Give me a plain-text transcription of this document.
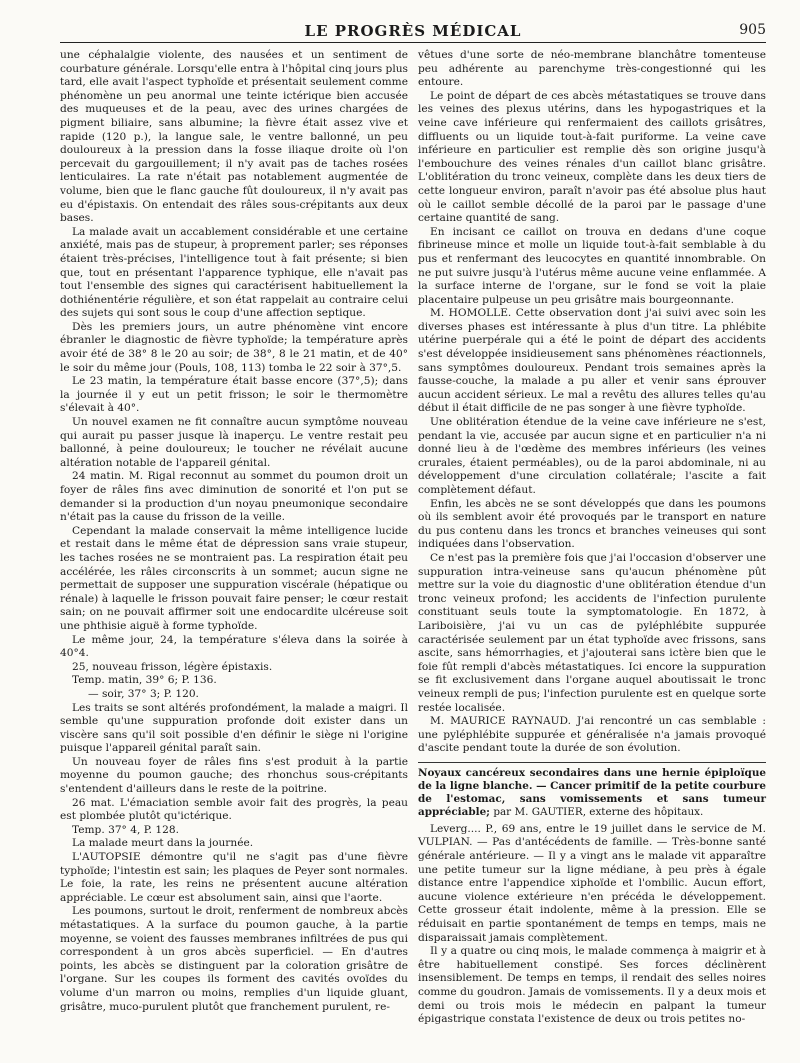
LE PROGRÈS MÉDICAL	905

une céphalalgie violente, des nausées et un sentiment de courbature générale. Lorsqu'elle entra à l'hôpital cinq jours plus tard, elle avait l'aspect typhoïde et présentait seulement comme phénomène un peu anormal une teinte ictérique bien accusée des muqueuses et de la peau, avec des urines chargées de pigment biliaire, sans albumine; la fièvre était assez vive et rapide (120 p.), la langue sale, le ventre ballonné, un peu douloureux à la pression dans la fosse iliaque droite où l'on percevait du gargouillement; il n'y avait pas de taches rosées lenticulaires. La rate n'était pas notablement augmentée de volume, bien que le flanc gauche fût douloureux, il n'y avait pas eu d'épistaxis. On entendait des râles sous-crépitants aux deux bases.

La malade avait un accablement considérable et une certaine anxiété, mais pas de stupeur, à proprement parler; ses réponses étaient très-précises, l'intelligence tout à fait présente; si bien que, tout en présentant l'apparence typhique, elle n'avait pas tout l'ensemble des signes qui caractérisent habituellement la dothiénentérie régulière, et son état rappelait au contraire celui des sujets qui sont sous le coup d'une affection septique.

Dès les premiers jours, un autre phénomène vint encore ébranler le diagnostic de fièvre typhoïde; la température après avoir été de 38° 8 le 20 au soir; de 38°, 8 le 21 matin, et de 40° le soir du même jour (Pouls, 108, 113) tomba le 22 soir à 37°,5.

Le 23 matin, la température était basse encore (37°,5); dans la journée il y eut un petit frisson; le soir le thermomètre s'élevait à 40°.

Un nouvel examen ne fit connaître aucun symptôme nouveau qui aurait pu passer jusque là inaperçu. Le ventre restait peu ballonné, à peine douloureux; le toucher ne révélait aucune altération notable de l'appareil génital.

24 matin. M. Rigal reconnut au sommet du poumon droit un foyer de râles fins avec diminution de sonorité et l'on put se demander si la production d'un noyau pneumonique secondaire n'était pas la cause du frisson de la veille.

Cependant la malade conservait la même intelligence lucide et restait dans le même état de dépression sans vraie stupeur, les taches rosées ne se montraient pas. La respiration était peu accélérée, les râles circonscrits à un sommet; aucun signe ne permettait de supposer une suppuration viscérale (hépatique ou rénale) à laquelle le frisson pouvait faire penser; le cœur restait sain; on ne pouvait affirmer soit une endocardite ulcéreuse soit une phthisie aiguë à forme typhoïde.

Le même jour, 24, la température s'éleva dans la soirée à 40°4.

25, nouveau frisson, légère épistaxis.

Temp. matin, 39° 6; P. 136.

— soir, 37° 3; P. 120.

Les traits se sont altérés profondément, la malade a maigri. Il semble qu'une suppuration profonde doit exister dans un viscère sans qu'il soit possible d'en définir le siège ni l'origine puisque l'appareil génital paraît sain.

Un nouveau foyer de râles fins s'est produit à la partie moyenne du poumon gauche; des rhonchus sous-crépitants s'entendent d'ailleurs dans le reste de la poitrine.

26 mat. L'émaciation semble avoir fait des progrès, la peau est plombée plutôt qu'ictérique.

Temp. 37° 4, P. 128.

La malade meurt dans la journée.

L'AUTOPSIE démontre qu'il ne s'agit pas d'une fièvre typhoïde; l'intestin est sain; les plaques de Peyer sont normales. Le foie, la rate, les reins ne présentent aucune altération appréciable. Le cœur est absolument sain, ainsi que l'aorte.

Les poumons, surtout le droit, renferment de nombreux abcès métastatiques. A la surface du poumon gauche, à la partie moyenne, se voient des fausses membranes infiltrées de pus qui correspondent à un gros abcès superficiel. — En d'autres points, les abcès se distinguent par la coloration grisâtre de l'organe. Sur les coupes ils forment des cavités ovoïdes du volume d'un marron ou moins, remplies d'un liquide gluant, grisâtre, muco-purulent plutôt que franchement purulent, re-

vêtues d'une sorte de néo-membrane blanchâtre tomenteuse peu adhérente au parenchyme très-congestionné qui les entoure.

Le point de départ de ces abcès métastatiques se trouve dans les veines des plexus utérins, dans les hypogastriques et la veine cave inférieure qui renfermaient des caillots grisâtres, diffluents ou un liquide tout-à-fait puriforme. La veine cave inférieure en particulier est remplie dès son origine jusqu'à l'embouchure des veines rénales d'un caillot blanc grisâtre. L'oblitération du tronc veineux, complète dans les deux tiers de cette longueur environ, paraît n'avoir pas été absolue plus haut où le caillot semble décollé de la paroi par le passage d'une certaine quantité de sang.

En incisant ce caillot on trouva en dedans d'une coque fibrineuse mince et molle un liquide tout-à-fait semblable à du pus et renfermant des leucocytes en quantité innombrable. On ne put suivre jusqu'à l'utérus même aucune veine enflammée. A la surface interne de l'organe, sur le fond se voit la plaie placentaire pulpeuse un peu grisâtre mais bourgeonnante.

M. HOMOLLE. Cette observation dont j'ai suivi avec soin les diverses phases est intéressante à plus d'un titre. La phlébite utérine puerpérale qui a été le point de départ des accidents s'est développée insidieusement sans phénomènes réactionnels, sans symptômes douloureux. Pendant trois semaines après la fausse-couche, la malade a pu aller et venir sans éprouver aucun accident sérieux. Le mal a revêtu des allures telles qu'au début il était difficile de ne pas songer à une fièvre typhoïde.

Une oblitération étendue de la veine cave inférieure ne s'est, pendant la vie, accusée par aucun signe et en particulier n'a ni donné lieu à de l'œdème des membres inférieurs (les veines crurales, étaient perméables), ou de la paroi abdominale, ni au développement d'une circulation collatérale; l'ascite a fait complètement défaut.

Enfin, les abcès ne se sont développés que dans les poumons où ils semblent avoir été provoqués par le transport en nature du pus contenu dans les troncs et branches veineuses qui sont indiquées dans l'observation.

Ce n'est pas la première fois que j'ai l'occasion d'observer une suppuration intra-veineuse sans qu'aucun phénomène pût mettre sur la voie du diagnostic d'une oblitération étendue d'un tronc veineux profond; les accidents de l'infection purulente constituant seuls toute la symptomatologie. En 1872, à Lariboisière, j'ai vu un cas de pyléphlébite suppurée caractérisée seulement par un état typhoïde avec frissons, sans ascite, sans hémorrhagies, et j'ajouterai sans ictère bien que le foie fût rempli d'abcès métastatiques. Ici encore la suppuration se fit exclusivement dans l'organe auquel aboutissait le tronc veineux rempli de pus; l'infection purulente est en quelque sorte restée localisée.

M. MAURICE RAYNAUD. J'ai rencontré un cas semblable : une pyléphlébite suppurée et généralisée n'a jamais provoqué d'ascite pendant toute la durée de son évolution.

Noyaux cancéreux secondaires dans une hernie épiploïque de la ligne blanche. — Cancer primitif de la petite courbure de l'estomac, sans vomissements et sans tumeur appréciable; par M. GAUTIER, externe des hôpitaux.

Leverg.... P., 69 ans, entre le 19 juillet dans le service de M. VULPIAN. — Pas d'antécédents de famille. — Très-bonne santé générale antérieure. — Il y a vingt ans le malade vit apparaître une petite tumeur sur la ligne médiane, à peu près à égale distance entre l'appendice xiphoïde et l'ombilic. Aucun effort, aucune violence extérieure n'en précéda le développement. Cette grosseur était indolente, même à la pression. Elle se réduisait en partie spontanément de temps en temps, mais ne disparaissait jamais complètement.

Il y a quatre ou cinq mois, le malade commença à maigrir et à être habituellement constipé. Ses forces déclinèrent insensiblement. De temps en temps, il rendait des selles noires comme du goudron. Jamais de vomissements. Il y a deux mois et demi ou trois mois le médecin en palpant la tumeur épigastrique constata l'existence de deux ou trois petites no-
